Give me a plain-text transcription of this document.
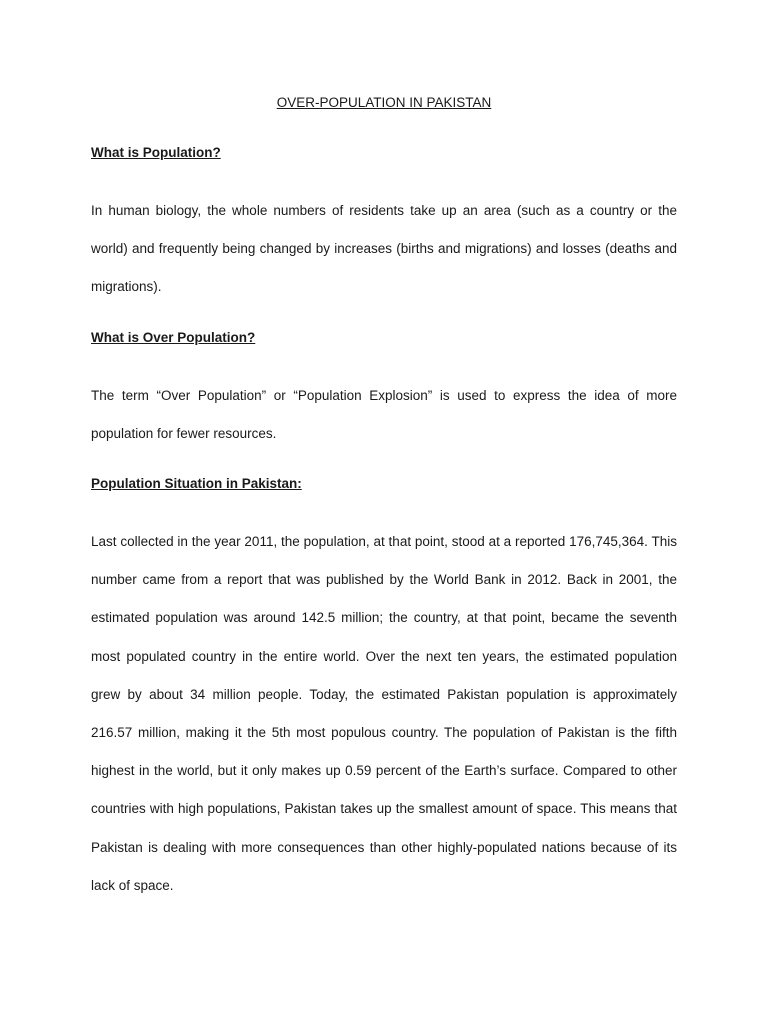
OVER-POPULATION IN PAKISTAN
What is Population?
In human biology, the whole numbers of residents take up an area (such as a country or the world) and frequently being changed by increases (births and migrations) and losses (deaths and migrations).
What is Over Population?
The term “Over Population” or “Population Explosion” is used to express the idea of more population for fewer resources.
Population Situation in Pakistan:
Last collected in the year 2011, the population, at that point, stood at a reported 176,745,364. This number came from a report that was published by the World Bank in 2012. Back in 2001, the estimated population was around 142.5 million; the country, at that point, became the seventh most populated country in the entire world. Over the next ten years, the estimated population grew by about 34 million people. Today, the estimated Pakistan population is approximately 216.57 million, making it the 5th most populous country. The population of Pakistan is the fifth highest in the world, but it only makes up 0.59 percent of the Earth’s surface. Compared to other countries with high populations, Pakistan takes up the smallest amount of space. This means that Pakistan is dealing with more consequences than other highly-populated nations because of its lack of space.
